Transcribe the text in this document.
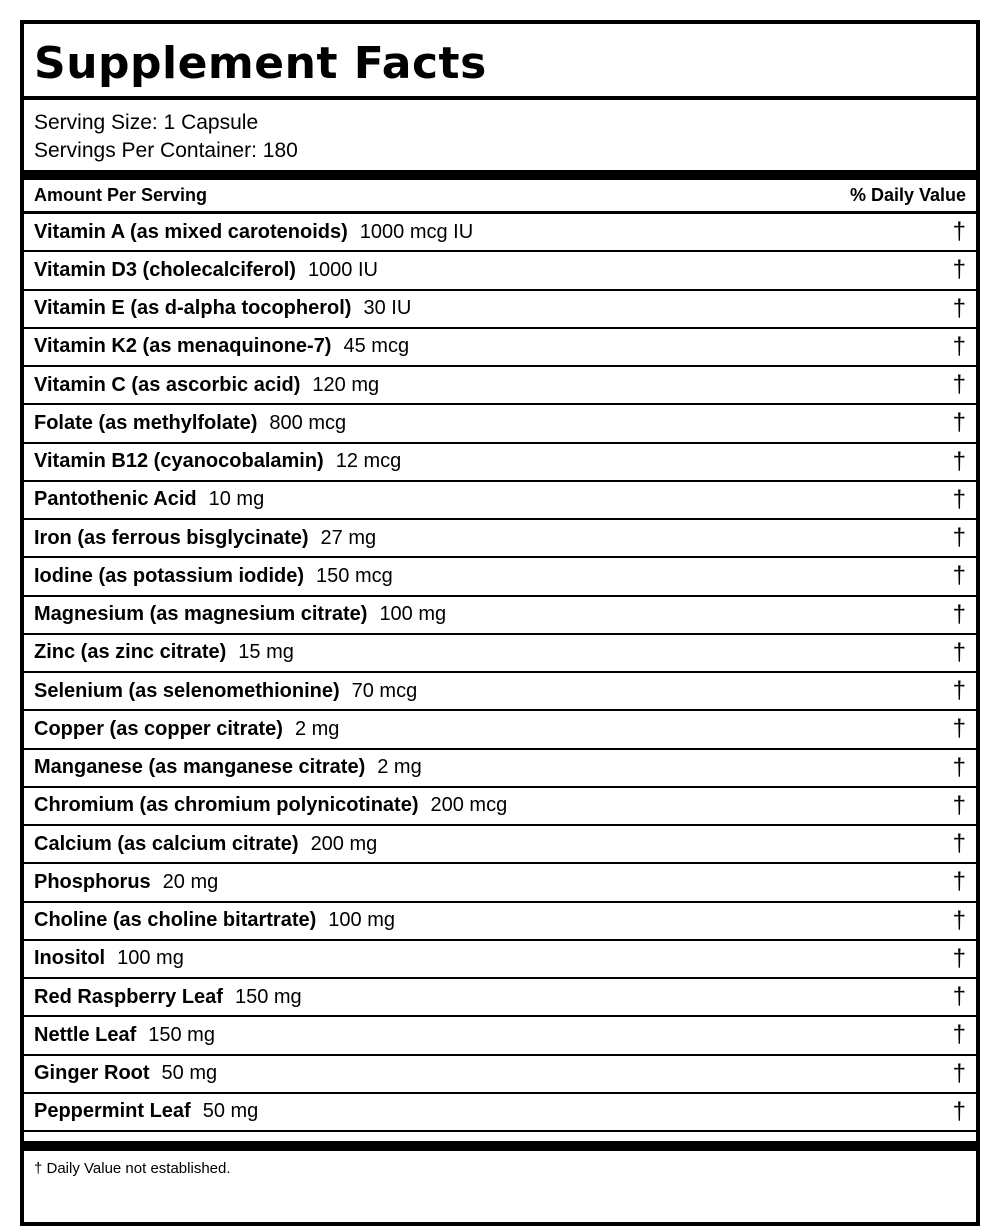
Supplement Facts
Serving Size: 1 Capsule
Servings Per Container: 180
Amount Per Serving	% Daily Value
Vitamin A (as mixed carotenoids) 1000 mcg IU	†
Vitamin D3 (cholecalciferol) 1000 IU	†
Vitamin E (as d-alpha tocopherol) 30 IU	†
Vitamin K2 (as menaquinone-7) 45 mcg	†
Vitamin C (as ascorbic acid) 120 mg	†
Folate (as methylfolate) 800 mcg	†
Vitamin B12 (cyanocobalamin) 12 mcg	†
Pantothenic Acid 10 mg	†
Iron (as ferrous bisglycinate) 27 mg	†
Iodine (as potassium iodide) 150 mcg	†
Magnesium (as magnesium citrate) 100 mg	†
Zinc (as zinc citrate) 15 mg	†
Selenium (as selenomethionine) 70 mcg	†
Copper (as copper citrate) 2 mg	†
Manganese (as manganese citrate) 2 mg	†
Chromium (as chromium polynicotinate) 200 mcg	†
Calcium (as calcium citrate) 200 mg	†
Phosphorus 20 mg	†
Choline (as choline bitartrate) 100 mg	†
Inositol 100 mg	†
Red Raspberry Leaf 150 mg	†
Nettle Leaf 150 mg	†
Ginger Root 50 mg	†
Peppermint Leaf 50 mg	†
† Daily Value not established.
